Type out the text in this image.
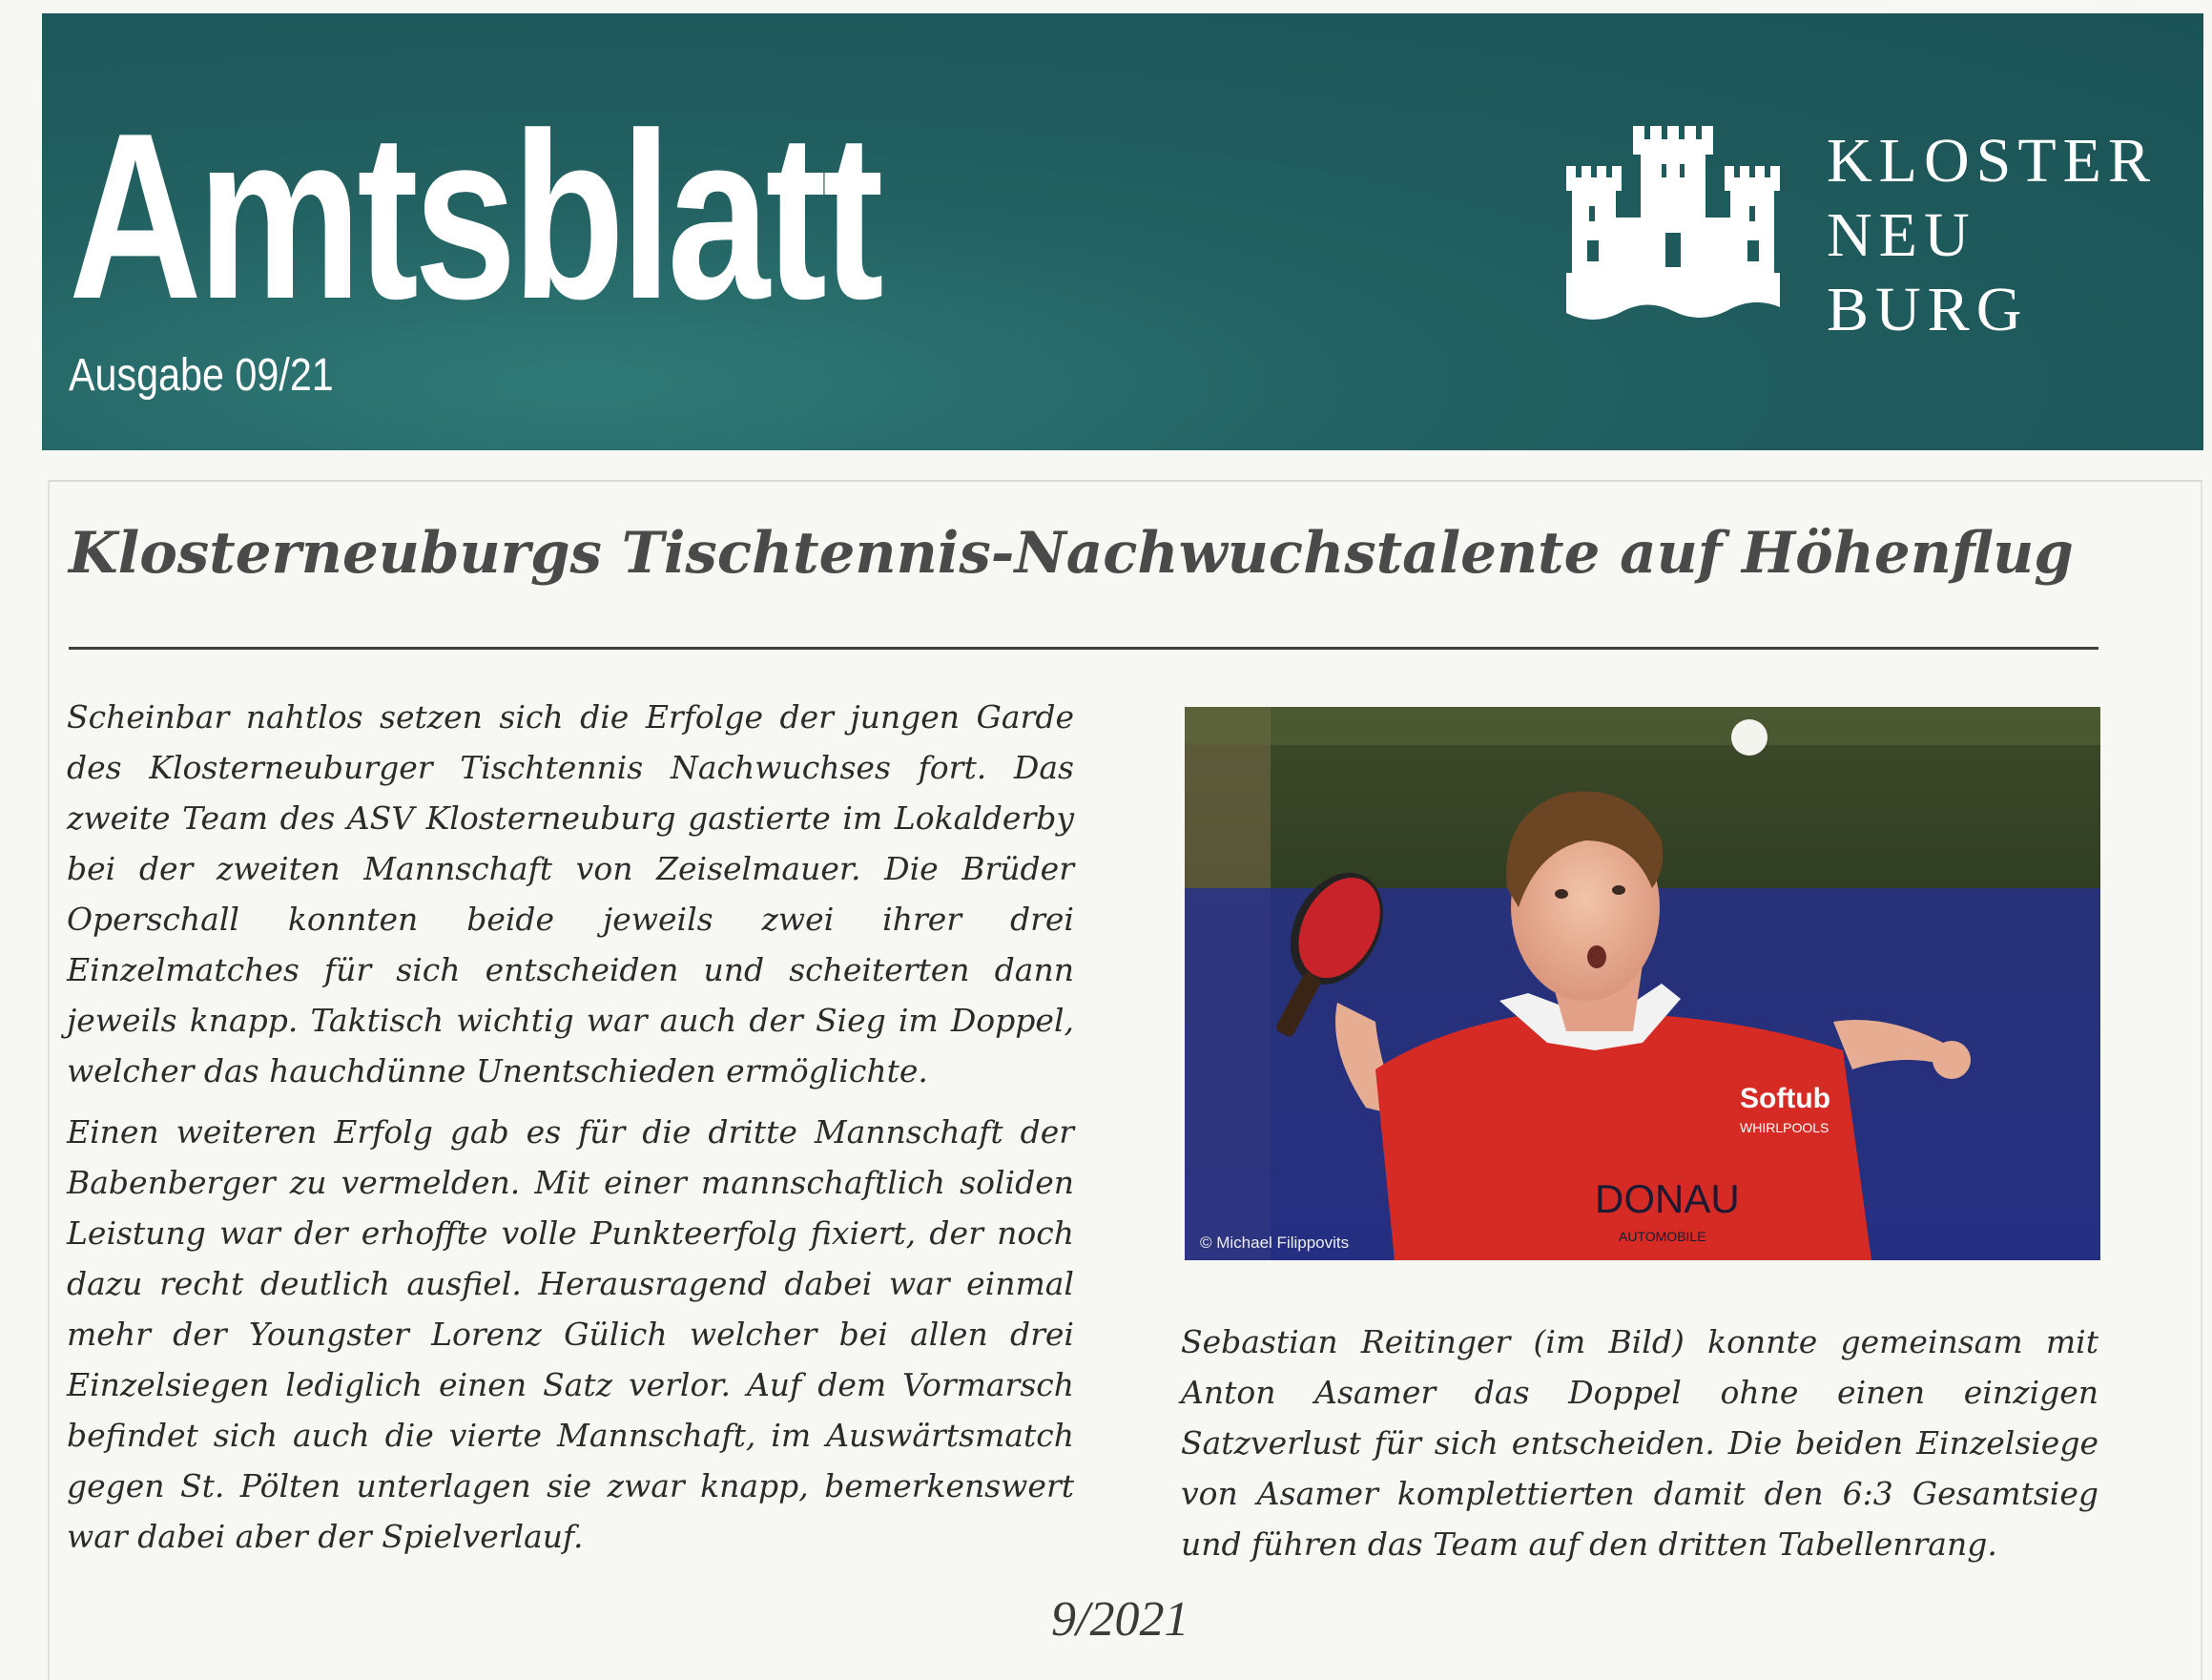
Amtsblatt
Ausgabe 09/21
KLOSTER
NEU
BURG
Klosterneuburgs Tischtennis-Nachwuchstalente auf Höhenflug
Scheinbar nahtlos setzen sich die Erfolge der jungen Garde des Klosterneuburger Tischtennis Nachwuchses fort. Das zweite Team des ASV Klosterneuburg gastierte im Lokalderby bei der zweiten Mannschaft von Zeiselmauer. Die Brüder Operschall konnten beide jeweils zwei ihrer drei Einzelmatches für sich entscheiden und scheiterten dann jeweils knapp. Taktisch wichtig war auch der Sieg im Doppel, welcher das hauchdünne Unentschieden ermöglichte.
Einen weiteren Erfolg gab es für die dritte Mannschaft der Babenberger zu vermelden. Mit einer mannschaftlich soliden Leistung war der erhoffte volle Punkteerfolg fixiert, der noch dazu recht deutlich ausfiel. Herausragend dabei war einmal mehr der Youngster Lorenz Gülich welcher bei allen drei Einzelsiegen lediglich einen Satz verlor. Auf dem Vormarsch befindet sich auch die vierte Mannschaft, im Auswärtsmatch gegen St. Pölten unterlagen sie zwar knapp, bemerkenswert war dabei aber der Spielverlauf.
Softub
WHIRLPOOLS
DONAU
AUTOMOBILE
© Michael Filippovits
Sebastian Reitinger (im Bild) konnte gemeinsam mit Anton Asamer das Doppel ohne einen einzigen Satzverlust für sich entscheiden. Die beiden Einzelsiege von Asamer komplettierten damit den 6:3 Gesamtsieg und führen das Team auf den dritten Tabellenrang.
9/2021
